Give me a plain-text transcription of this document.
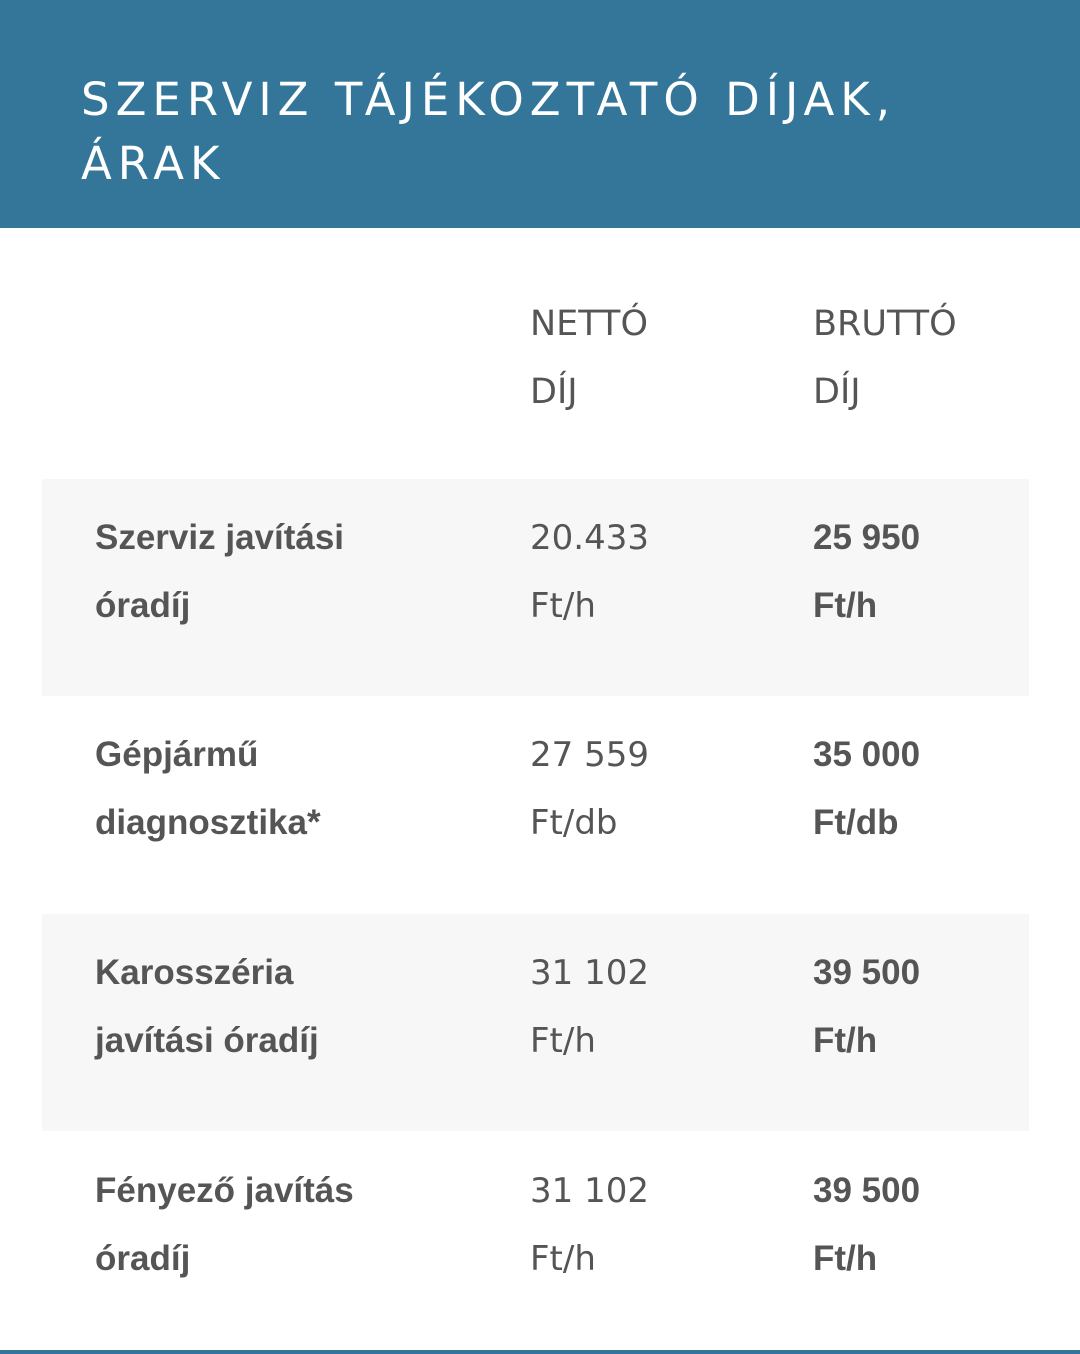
SZERVIZ TÁJÉKOZTATÓ DÍJAK, ÁRAK
NETTÓ
DÍJ
BRUTTÓ
DÍJ
Szerviz javítási
óradíj
20.433
Ft/h
25 950
Ft/h
Gépjármű
diagnosztika*
27 559
Ft/db
35 000
Ft/db
Karosszéria
javítási óradíj
31 102
Ft/h
39 500
Ft/h
Fényező javítás
óradíj
31 102
Ft/h
39 500
Ft/h
